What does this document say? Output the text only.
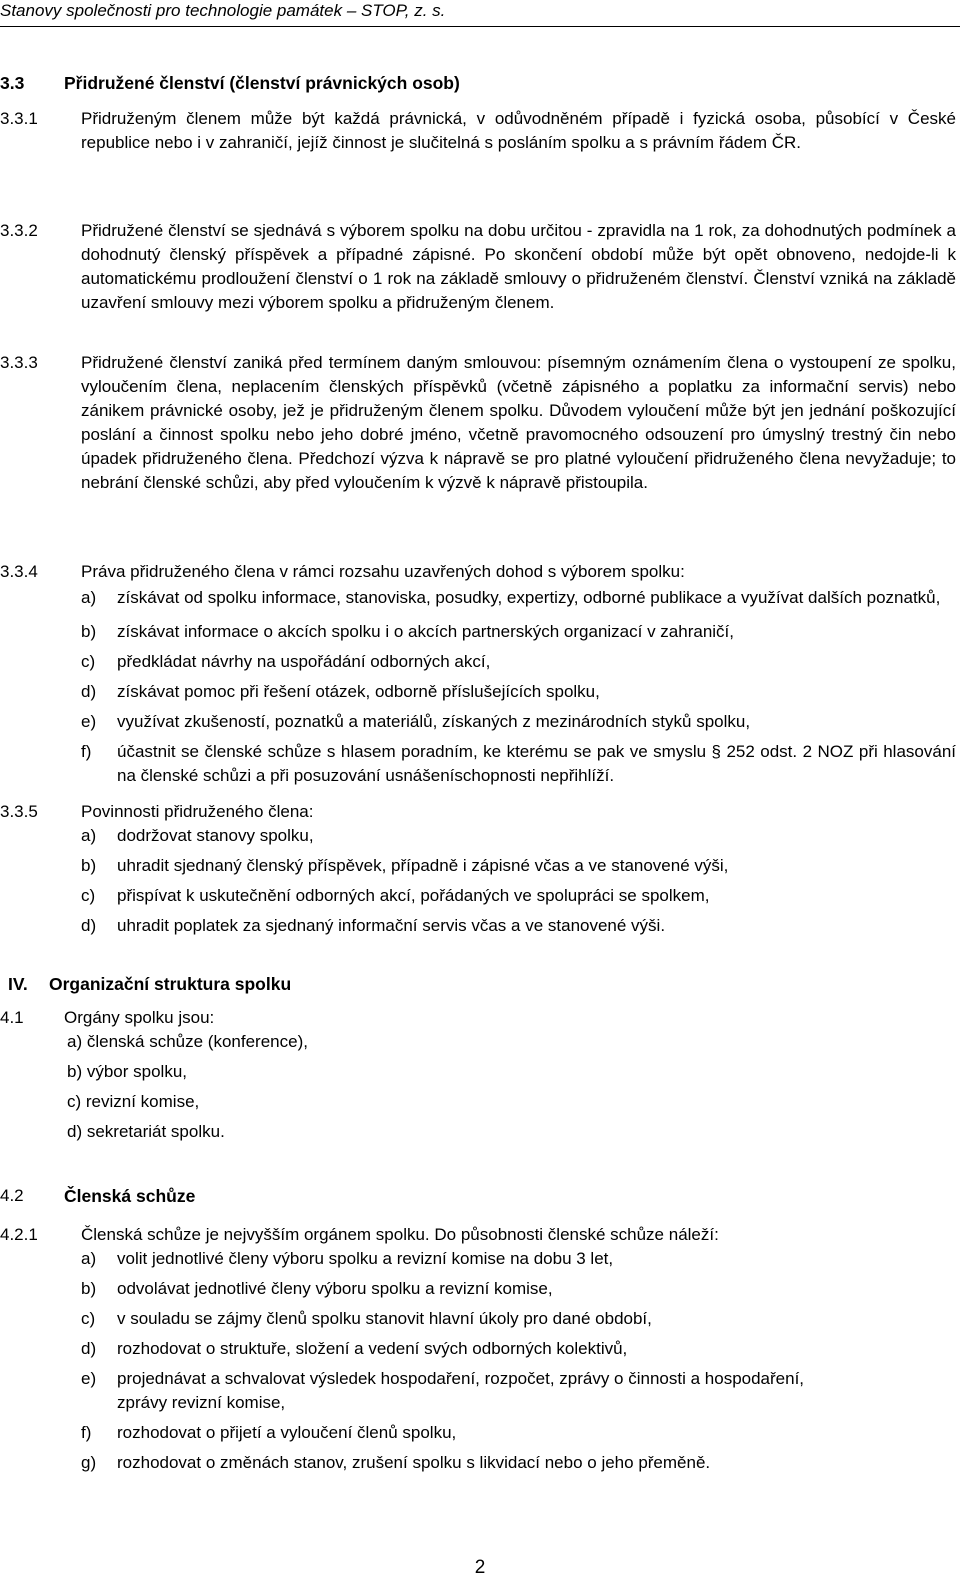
Stanovy společnosti pro technologie památek – STOP, z. s.
3.3 Přidružené členství (členství právnických osob)
3.3.1	Přidruženým členem může být každá právnická, v odůvodněném případě i fyzická osoba, působící v České republice nebo i v zahraničí, jejíž činnost je slučitelná s posláním spolku a s právním řádem ČR.
3.3.2	Přidružené členství se sjednává s výborem spolku na dobu určitou - zpravidla na 1 rok, za dohodnutých podmínek a dohodnutý členský příspěvek a případné zápisné. Po skončení období může být opět obnoveno, nedojde-li k automatickému prodloužení členství o 1 rok na základě smlouvy o přidruženém členství. Členství vzniká na základě uzavření smlouvy mezi výborem spolku a přidruženým členem.
3.3.3	Přidružené členství zaniká před termínem daným smlouvou: písemným oznámením člena o vystoupení ze spolku, vyloučením člena, neplacením členských příspěvků (včetně zápisného a poplatku za informační servis) nebo zánikem právnické osoby, jež je přidruženým členem spolku. Důvodem vyloučení může být jen jednání poškozující poslání a činnost spolku nebo jeho dobré jméno, včetně pravomocného odsouzení pro úmyslný trestný čin nebo úpadek přidruženého člena. Předchozí výzva k nápravě se pro platné vyloučení přidruženého člena nevyžaduje; to nebrání členské schůzi, aby před vyloučením k výzvě k nápravě přistoupila.
3.3.4	Práva přidruženého člena v rámci rozsahu uzavřených dohod s výborem spolku:
a) získávat od spolku informace, stanoviska, posudky, expertizy, odborné publikace a využívat dalších poznatků,
b) získávat informace o akcích spolku i o akcích partnerských organizací v zahraničí,
c) předkládat návrhy na uspořádání odborných akcí,
d) získávat pomoc při řešení otázek, odborně příslušejících spolku,
e) využívat zkušeností, poznatků a materiálů, získaných z mezinárodních styků spolku,
f) účastnit se členské schůze s hlasem poradním, ke kterému se pak ve smyslu § 252 odst. 2 NOZ při hlasování na členské schůzi a při posuzování usnášeníschopnosti nepřihlíží.
3.3.5	Povinnosti přidruženého člena:
a) dodržovat stanovy spolku,
b) uhradit sjednaný členský příspěvek, případně i zápisné včas a ve stanovené výši,
c) přispívat k uskutečnění odborných akcí, pořádaných ve spolupráci se spolkem,
d) uhradit poplatek za sjednaný informační servis včas a ve stanovené výši.
IV. Organizační struktura spolku
4.1 Orgány spolku jsou:
a) členská schůze (konference),
b) výbor spolku,
c) revizní komise,
d) sekretariát spolku.
4.2 Členská schůze
4.2.1	Členská schůze je nejvyšším orgánem spolku. Do působnosti členské schůze náleží:
a) volit jednotlivé členy výboru spolku a revizní komise na dobu 3 let,
b) odvolávat jednotlivé členy výboru spolku a revizní komise,
c) v souladu se zájmy členů spolku stanovit hlavní úkoly pro dané období,
d) rozhodovat o struktuře, složení a vedení svých odborných kolektivů,
e) projednávat a schvalovat výsledek hospodaření, rozpočet, zprávy o činnosti a hospodaření, zprávy revizní komise,
f) rozhodovat o přijetí a vyloučení členů spolku,
g) rozhodovat o změnách stanov, zrušení spolku s likvidací nebo o jeho přeměně.
2
